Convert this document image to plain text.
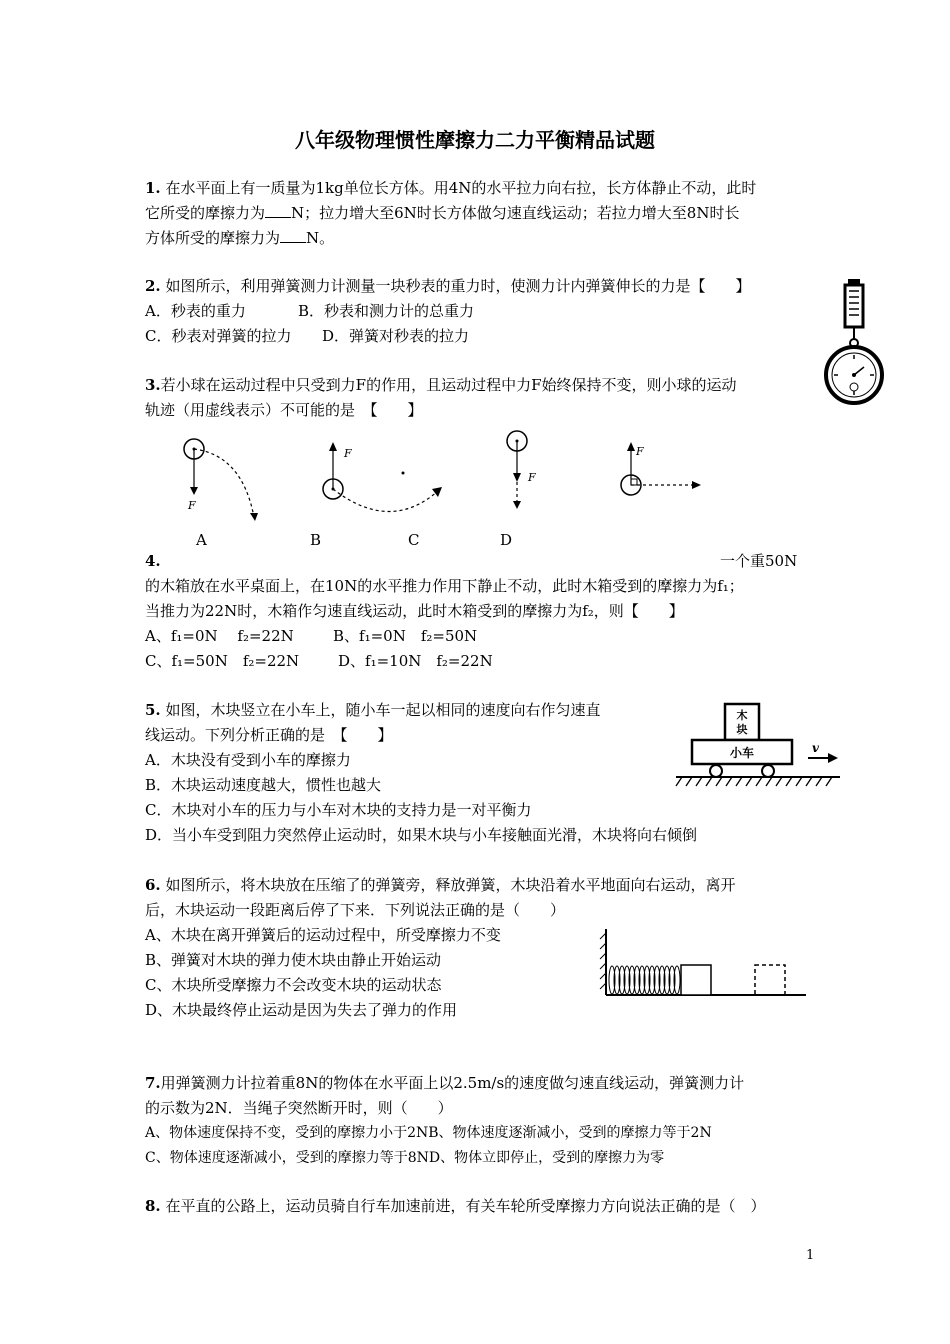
八年级物理惯性摩擦力二力平衡精品试题
1. 在水平面上有一质量为1kg单位长方体。用4N的水平拉力向右拉，长方体静止不动，此时
它所受的摩擦力为 N；拉力增大至6N时长方体做匀速直线运动；若拉力增大至8N时长
方体所受的摩擦力为 N。
2. 如图所示，利用弹簧测力计测量一块秒表的重力时，使测力计内弹簧伸长的力是【　　】
A．秒表的重力	B．秒表和测力计的总重力
C．秒表对弹簧的拉力 D．弹簧对秒表的拉力
3.若小球在运动过程中只受到力F的作用，且运动过程中力F始终保持不变，则小球的运动
轨迹（用虚线表示）不可能的是　【　　】
F
F
F
F
A	B	C	D
4.	一个重50N
的木箱放在水平桌面上，在10N的水平推力作用下静止不动，此时木箱受到的摩擦力为f₁；
当推力为22N时，木箱作匀速直线运动，此时木箱受到的摩擦力为f₂，则【　　】
A、f₁=0N　 f₂=22N	B、f₁=0N　f₂=50N
C、f₁=50N　f₂=22N	D、f₁=10N　f₂=22N
5. 如图，木块竖立在小车上，随小车一起以相同的速度向右作匀速直
线运动。下列分析正确的是　【　　】
A．木块没有受到小车的摩擦力
B．木块运动速度越大，惯性也越大
C．木块对小车的压力与小车对木块的支持力是一对平衡力
D．当小车受到阻力突然停止运动时，如果木块与小车接触面光滑，木块将向右倾倒
木块
小车	v
6. 如图所示，将木块放在压缩了的弹簧旁，释放弹簧，木块沿着水平地面向右运动，离开
后，木块运动一段距离后停了下来．下列说法正确的是（　　）
A、木块在离开弹簧后的运动过程中，所受摩擦力不变
B、弹簧对木块的弹力使木块由静止开始运动
C、木块所受摩擦力不会改变木块的运动状态
D、木块最终停止运动是因为失去了弹力的作用
7.用弹簧测力计拉着重8N的物体在水平面上以2.5m/s的速度做匀速直线运动，弹簧测力计
的示数为2N．当绳子突然断开时，则（　　）
A、物体速度保持不变，受到的摩擦力小于2NB、物体速度逐渐减小，受到的摩擦力等于2N
C、物体速度逐渐减小，受到的摩擦力等于8ND、物体立即停止，受到的摩擦力为零
8. 在平直的公路上，运动员骑自行车加速前进，有关车轮所受摩擦力方向说法正确的是（　）
1
